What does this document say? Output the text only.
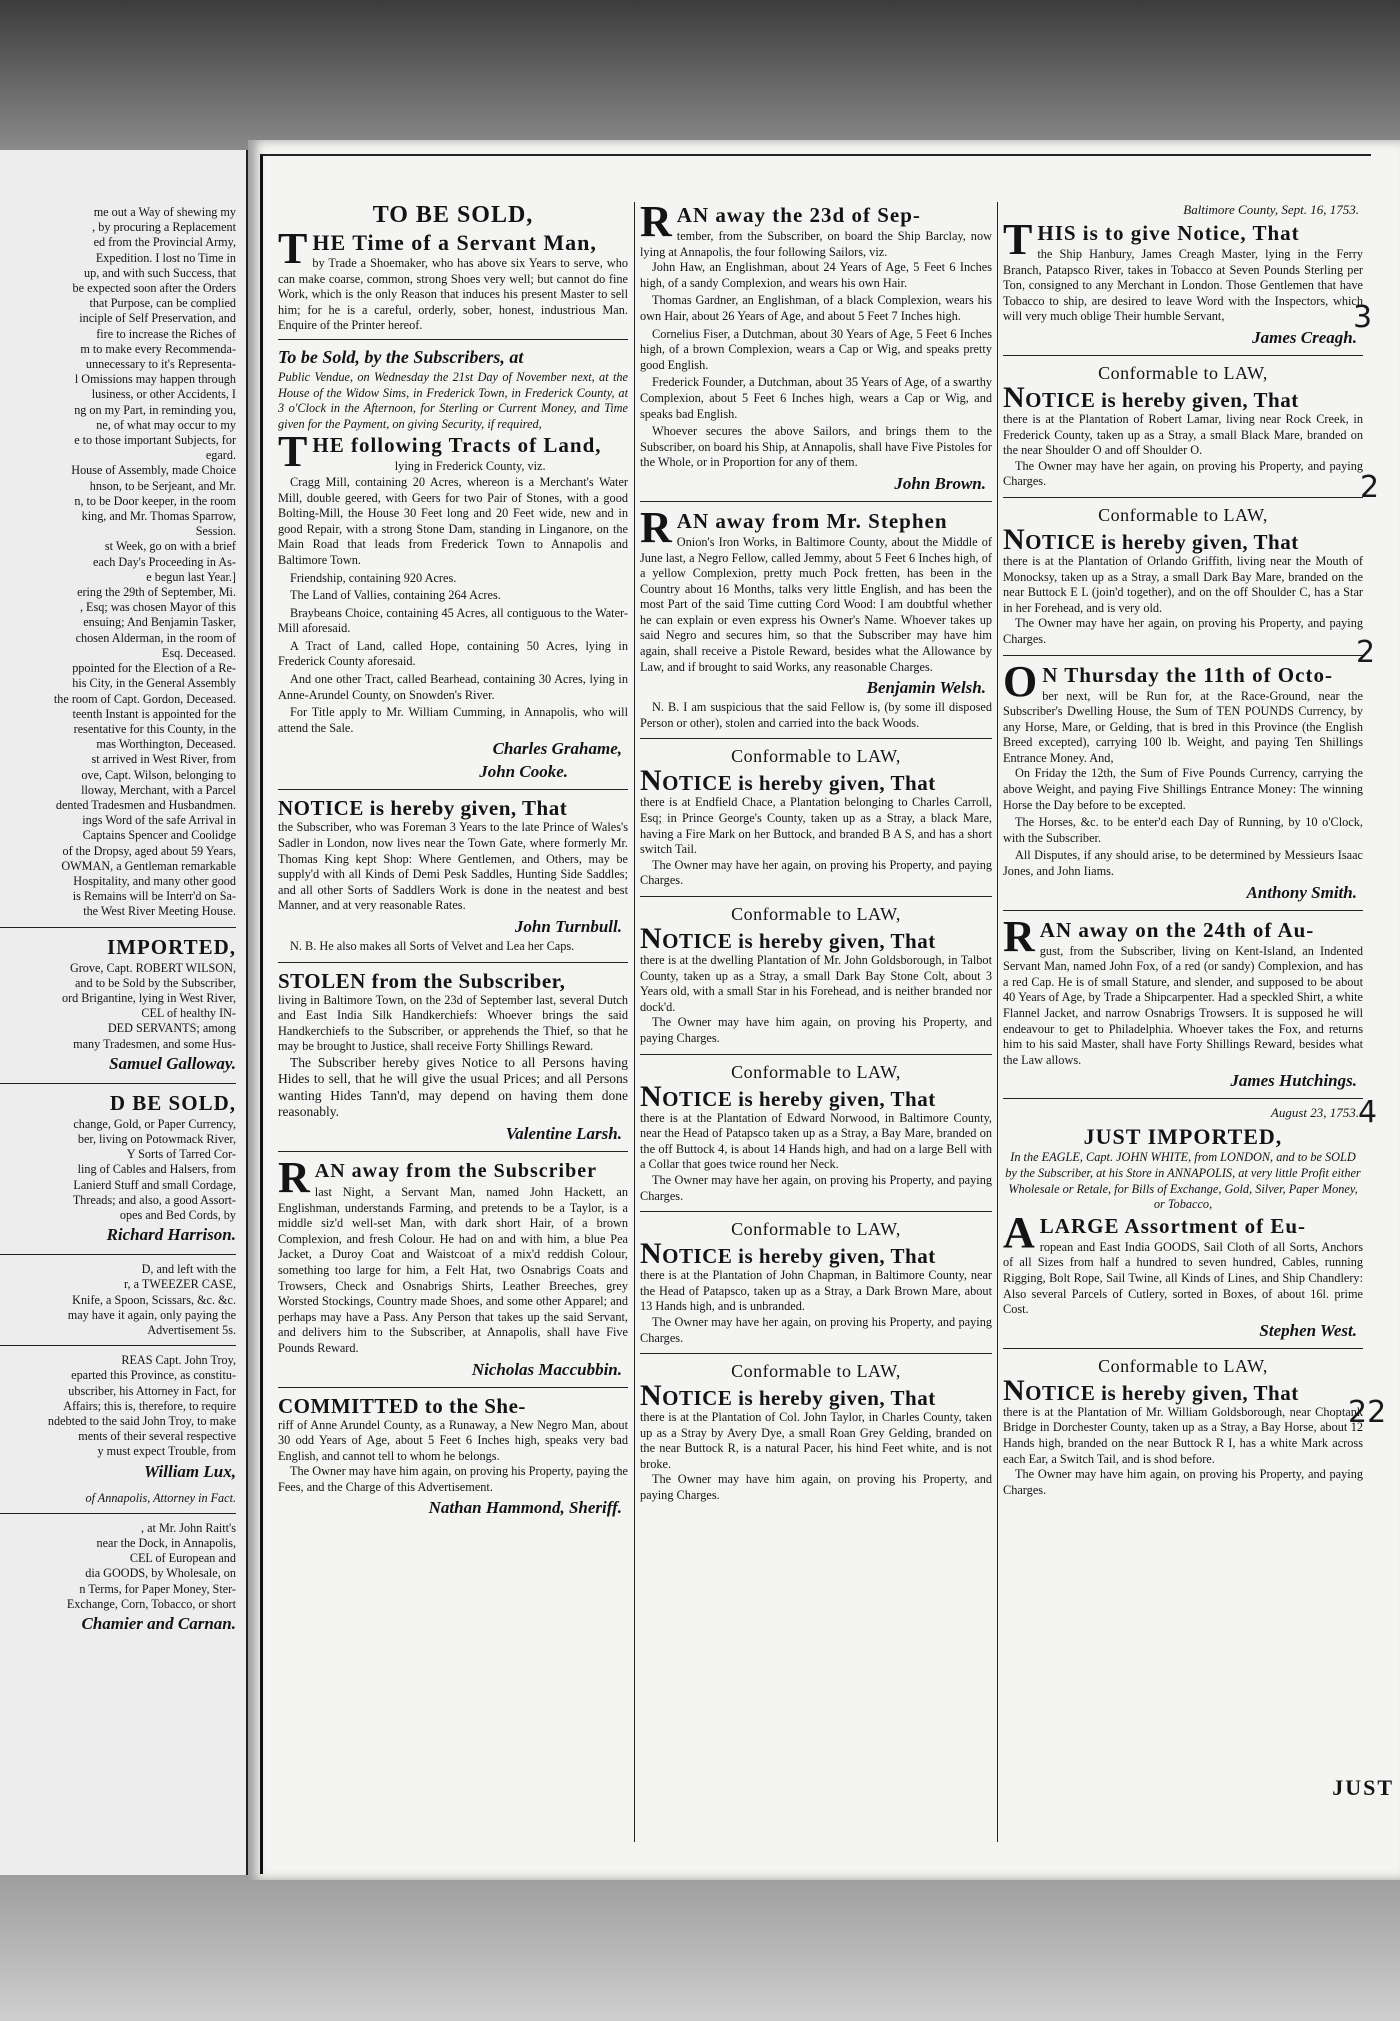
me out a Way of shewing my
, by procuring a Replacement
ed from the Provincial Army,
Expedition. I lost no Time in
up, and with such Success, that
be expected soon after the Orders
that Purpose, can be complied
inciple of Self Preservation, and
fire to increase the Riches of
m to make every Recommenda-
unnecessary to it's Representa-
l Omissions may happen through
lusiness, or other Accidents, I
ng on my Part, in reminding you,
ne, of what may occur to my
e to those important Subjects, for
egard.
House of Assembly, made Choice
hnson, to be Serjeant, and Mr.
n, to be Door keeper, in the room
king, and Mr. Thomas Sparrow,
Session.
st Week, go on with a brief
each Day's Proceeding in As-
e begun last Year.]
ering the 29th of September, Mi.
, Esq; was chosen Mayor of this
ensuing; And Benjamin Tasker,
chosen Alderman, in the room of
Esq. Deceased.
ppointed for the Election of a Re-
his City, in the General Assembly
the room of Capt. Gordon, Deceased.
teenth Instant is appointed for the
resentative for this County, in the
mas Worthington, Deceased.
st arrived in West River, from
ove, Capt. Wilson, belonging to
lloway, Merchant, with a Parcel
dented Tradesmen and Husbandmen.
ings Word of the safe Arrival in
Captains Spencer and Coolidge
of the Dropsy, aged about 59 Years,
OWMAN, a Gentleman remarkable
Hospitality, and many other good
is Remains will be Interr'd on Sa-
the West River Meeting House.
IMPORTED,
Grove, Capt. ROBERT WILSON,
and to be Sold by the Subscriber,
ord Brigantine, lying in West River,
CEL of healthy IN-
DED SERVANTS; among
many Tradesmen, and some Hus-
Samuel Galloway.
D BE SOLD,
change, Gold, or Paper Currency,
ber, living on Potowmack River,
Y Sorts of Tarred Cor-
ling of Cables and Halsers, from
Lanierd Stuff and small Cordage,
Threads; and also, a good Assort-
opes and Bed Cords, by
Richard Harrison.
D, and left with the
r, a TWEEZER CASE,
Knife, a Spoon, Scissars, &c. &c.
may have it again, only paying the
Advertisement 5s.
REAS Capt. John Troy,
eparted this Province, as constitu-
ubscriber, his Attorney in Fact, for
Affairs; this is, therefore, to require
ndebted to the said John Troy, to make
ments of their several respective
y must expect Trouble, from
William Lux,
of Annapolis, Attorney in Fact.
, at Mr. John Raitt's
near the Dock, in Annapolis,
CEL of European and
dia GOODS, by Wholesale, on
n Terms, for Paper Money, Ster-
Exchange, Corn, Tobacco, or short
Chamier and Carnan.
TO BE SOLD,
T HE Time of a Servant Man,
by Trade a Shoemaker, who has above six Years to serve, who can make coarse, common, strong Shoes very well; but cannot do fine Work, which is the only Reason that induces his present Master to sell him; for he is a careful, orderly, sober, honest, industrious Man. Enquire of the Printer hereof.
To be Sold, by the Subscribers, at
Public Vendue, on Wednesday the 21st Day of November next, at the House of the Widow Sims, in Frederick Town, in Frederick County, at 3 o'Clock in the Afternoon, for Sterling or Current Money, and Time given for the Payment, on giving Security, if required,
T HE following Tracts of Land,
lying in Frederick County, viz.
Cragg Mill, containing 20 Acres, whereon is a Merchant's Water Mill, double geered, with Geers for two Pair of Stones, with a good Bolting-Mill, the House 30 Feet long and 20 Feet wide, new and in good Repair, with a strong Stone Dam, standing in Linganore, on the Main Road that leads from Frederick Town to Annapolis and Baltimore Town.
Friendship, containing 920 Acres.
The Land of Vallies, containing 264 Acres.
Braybeans Choice, containing 45 Acres, all contiguous to the Water-Mill aforesaid.
A Tract of Land, called Hope, containing 50 Acres, lying in Frederick County aforesaid.
And one other Tract, called Bearhead, containing 30 Acres, lying in Anne-Arundel County, on Snowden's River.
For Title apply to Mr. William Cumming, in Annapolis, who will attend the Sale.
Charles Grahame,
John Cooke.
NOTICE is hereby given, That
the Subscriber, who was Foreman 3 Years to the late Prince of Wales's Sadler in London, now lives near the Town Gate, where formerly Mr. Thomas King kept Shop: Where Gentlemen, and Others, may be supply'd with all Kinds of Demi Pesk Saddles, Hunting Side Saddles; and all other Sorts of Saddlers Work is done in the neatest and best Manner, and at very reasonable Rates.
John Turnbull.
N. B. He also makes all Sorts of Velvet and Lea her Caps.
STOLEN from the Subscriber,
living in Baltimore Town, on the 23d of September last, several Dutch and East India Silk Handkerchiefs: Whoever brings the said Handkerchiefs to the Subscriber, or apprehends the Thief, so that he may be brought to Justice, shall receive Forty Shillings Reward.
The Subscriber hereby gives Notice to all Persons having Hides to sell, that he will give the usual Prices; and all Persons wanting Hides Tann'd, may depend on having them done reasonably.
Valentine Larsh.
R AN away from the Subscriber
last Night, a Servant Man, named John Hackett, an Englishman, understands Farming, and pretends to be a Taylor, is a middle siz'd well-set Man, with dark short Hair, of a brown Complexion, and fresh Colour. He had on and with him, a blue Pea Jacket, a Duroy Coat and Waistcoat of a mix'd reddish Colour, something too large for him, a Felt Hat, two Osnabrigs Coats and Trowsers, Check and Osnabrigs Shirts, Leather Breeches, grey Worsted Stockings, Country made Shoes, and some other Apparel; and perhaps may have a Pass. Any Person that takes up the said Servant, and delivers him to the Subscriber, at Annapolis, shall have Five Pounds Reward.
Nicholas Maccubbin.
COMMITTED to the She-
riff of Anne Arundel County, as a Runaway, a New Negro Man, about 30 odd Years of Age, about 5 Feet 6 Inches high, speaks very bad English, and cannot tell to whom he belongs.
The Owner may have him again, on proving his Property, paying the Fees, and the Charge of this Advertisement.
Nathan Hammond, Sheriff.
R AN away the 23d of Sep-
tember, from the Subscriber, on board the Ship Barclay, now lying at Annapolis, the four following Sailors, viz.
John Haw, an Englishman, about 24 Years of Age, 5 Feet 6 Inches high, of a sandy Complexion, and wears his own Hair.
Thomas Gardner, an Englishman, of a black Complexion, wears his own Hair, about 26 Years of Age, and about 5 Feet 7 Inches high.
Cornelius Fiser, a Dutchman, about 30 Years of Age, 5 Feet 6 Inches high, of a brown Complexion, wears a Cap or Wig, and speaks pretty good English.
Frederick Founder, a Dutchman, about 35 Years of Age, of a swarthy Complexion, about 5 Feet 6 Inches high, wears a Cap or Wig, and speaks bad English.
Whoever secures the above Sailors, and brings them to the Subscriber, on board his Ship, at Annapolis, shall have Five Pistoles for the Whole, or in Proportion for any of them.
John Brown.
R AN away from Mr. Stephen
Onion's Iron Works, in Baltimore County, about the Middle of June last, a Negro Fellow, called Jemmy, about 5 Feet 6 Inches high, of a yellow Complexion, pretty much Pock fretten, has been in the Country about 16 Months, talks very little English, and has been the most Part of the said Time cutting Cord Wood: I am doubtful whether he can explain or even express his Owner's Name. Whoever takes up said Negro and secures him, so that the Subscriber may have him again, shall receive a Pistole Reward, besides what the Allowance by Law, and if brought to said Works, any reasonable Charges.
Benjamin Welsh.
N. B. I am suspicious that the said Fellow is, (by some ill disposed Person or other), stolen and carried into the back Woods.
Conformable to LAW,
NOTICE is hereby given, That
there is at Endfield Chace, a Plantation belonging to Charles Carroll, Esq; in Prince George's County, taken up as a Stray, a black Mare, having a Fire Mark on her Buttock, and branded B A S, and has a short switch Tail.
The Owner may have her again, on proving his Property, and paying Charges.
Conformable to LAW,
NOTICE is hereby given, That
there is at the dwelling Plantation of Mr. John Goldsborough, in Talbot County, taken up as a Stray, a small Dark Bay Stone Colt, about 3 Years old, with a small Star in his Forehead, and is neither branded nor dock'd.
The Owner may have him again, on proving his Property, and paying Charges.
Conformable to LAW,
NOTICE is hereby given, That
there is at the Plantation of Edward Norwood, in Baltimore County, near the Head of Patapsco taken up as a Stray, a Bay Mare, branded on the off Buttock 4, is about 14 Hands high, and had on a large Bell with a Collar that goes twice round her Neck.
The Owner may have her again, on proving his Property, and paying Charges.
Conformable to LAW,
NOTICE is hereby given, That
there is at the Plantation of John Chapman, in Baltimore County, near the Head of Patapsco, taken up as a Stray, a Dark Brown Mare, about 13 Hands high, and is unbranded.
The Owner may have her again, on proving his Property, and paying Charges.
Conformable to LAW,
NOTICE is hereby given, That
there is at the Plantation of Col. John Taylor, in Charles County, taken up as a Stray by Avery Dye, a small Roan Grey Gelding, branded on the near Buttock R, is a natural Pacer, his hind Feet white, and is not broke.
The Owner may have him again, on proving his Property, and paying Charges.
Baltimore County, Sept. 16, 1753.
T HIS is to give Notice, That
the Ship Hanbury, James Creagh Master, lying in the Ferry Branch, Patapsco River, takes in Tobacco at Seven Pounds Sterling per Ton, consigned to any Merchant in London. Those Gentlemen that have Tobacco to ship, are desired to leave Word with the Inspectors, which will very much oblige Their humble Servant,
James Creagh.
Conformable to LAW,
NOTICE is hereby given, That
there is at the Plantation of Robert Lamar, living near Rock Creek, in Frederick County, taken up as a Stray, a small Black Mare, branded on the near Shoulder O and off Shoulder O.
The Owner may have her again, on proving his Property, and paying Charges.
Conformable to LAW,
NOTICE is hereby given, That
there is at the Plantation of Orlando Griffith, living near the Mouth of Monocksy, taken up as a Stray, a small Dark Bay Mare, branded on the near Buttock E L (join'd together), and on the off Shoulder C, has a Star in her Forehead, and is very old.
The Owner may have her again, on proving his Property, and paying Charges.
O N Thursday the 11th of Octo-
ber next, will be Run for, at the Race-Ground, near the Subscriber's Dwelling House, the Sum of TEN POUNDS Currency, by any Horse, Mare, or Gelding, that is bred in this Province (the English Breed excepted), carrying 100 lb. Weight, and paying Ten Shillings Entrance Money. And,
On Friday the 12th, the Sum of Five Pounds Currency, carrying the above Weight, and paying Five Shillings Entrance Money: The winning Horse the Day before to be excepted.
The Horses, &c. to be enter'd each Day of Running, by 10 o'Clock, with the Subscriber.
All Disputes, if any should arise, to be determined by Messieurs Isaac Jones, and John Iiams.
Anthony Smith.
R AN away on the 24th of Au-
gust, from the Subscriber, living on Kent-Island, an Indented Servant Man, named John Fox, of a red (or sandy) Complexion, and has a red Cap. He is of small Stature, and slender, and supposed to be about 40 Years of Age, by Trade a Shipcarpenter. Had a speckled Shirt, a white Flannel Jacket, and narrow Osnabrigs Trowsers. It is supposed he will endeavour to get to Philadelphia. Whoever takes the Fox, and returns him to his said Master, shall have Forty Shillings Reward, besides what the Law allows.
James Hutchings.
August 23, 1753.
JUST IMPORTED,
In the EAGLE, Capt. JOHN WHITE, from LONDON, and to be SOLD by the Subscriber, at his Store in ANNAPOLIS, at very little Profit either Wholesale or Retale, for Bills of Exchange, Gold, Silver, Paper Money, or Tobacco,
A LARGE Assortment of Eu-
ropean and East India GOODS, Sail Cloth of all Sorts, Anchors of all Sizes from half a hundred to seven hundred, Cables, running Rigging, Bolt Rope, Sail Twine, all Kinds of Lines, and Ship Chandlery: Also several Parcels of Cutlery, sorted in Boxes, of about 16l. prime Cost.
Stephen West.
Conformable to LAW,
NOTICE is hereby given, That
there is at the Plantation of Mr. William Goldsborough, near Choptank Bridge in Dorchester County, taken up as a Stray, a Bay Horse, about 12 Hands high, branded on the near Buttock R I, has a white Mark across each Ear, a Switch Tail, and is shod before.
The Owner may have him again, on proving his Property, and paying Charges.
JUST
3
2
2
4
22
